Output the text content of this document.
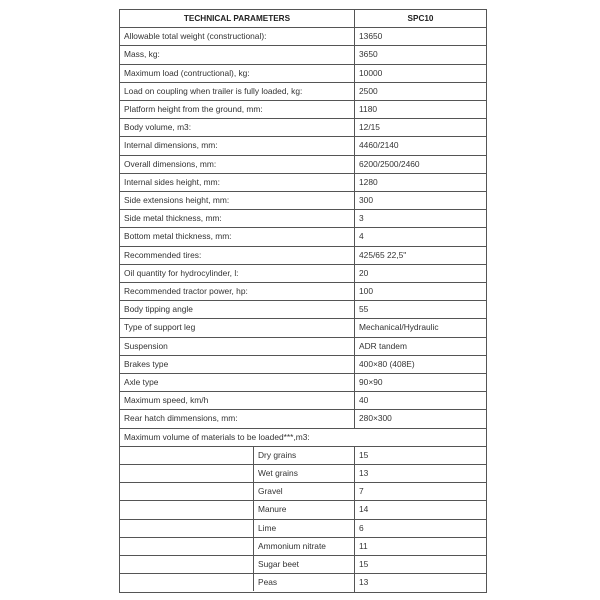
TECHNICAL PARAMETERS	SPC10
Allowable total weight (constructional):	13650
Mass, kg:	3650
Maximum load (contructional), kg:	10000
Load on coupling when trailer is fully loaded, kg:	2500
Platform height from the ground, mm:	1180
Body volume, m3:	12/15
Internal dimensions, mm:	4460/2140
Overall dimensions, mm:	6200/2500/2460
Internal sides height, mm:	1280
Side extensions height, mm:	300
Side metal thickness, mm:	3
Bottom metal thickness, mm:	4
Recommended tires:	425/65 22,5"
Oil quantity for hydrocylinder, l:	20
Recommended tractor power, hp:	100
Body tipping angle	55
Type of support leg	Mechanical/Hydraulic
Suspension	ADR tandem
Brakes type	400×80 (408E)
Axle type	90×90
Maximum speed, km/h	40
Rear hatch dimmensions, mm:	280×300
Maximum volume of materials to be loaded***,m3:	

Dry grains	15

Wet grains	13

Gravel	7

Manure	14

Lime	6

Ammonium nitrate	11

Sugar beet	15

Peas	13
